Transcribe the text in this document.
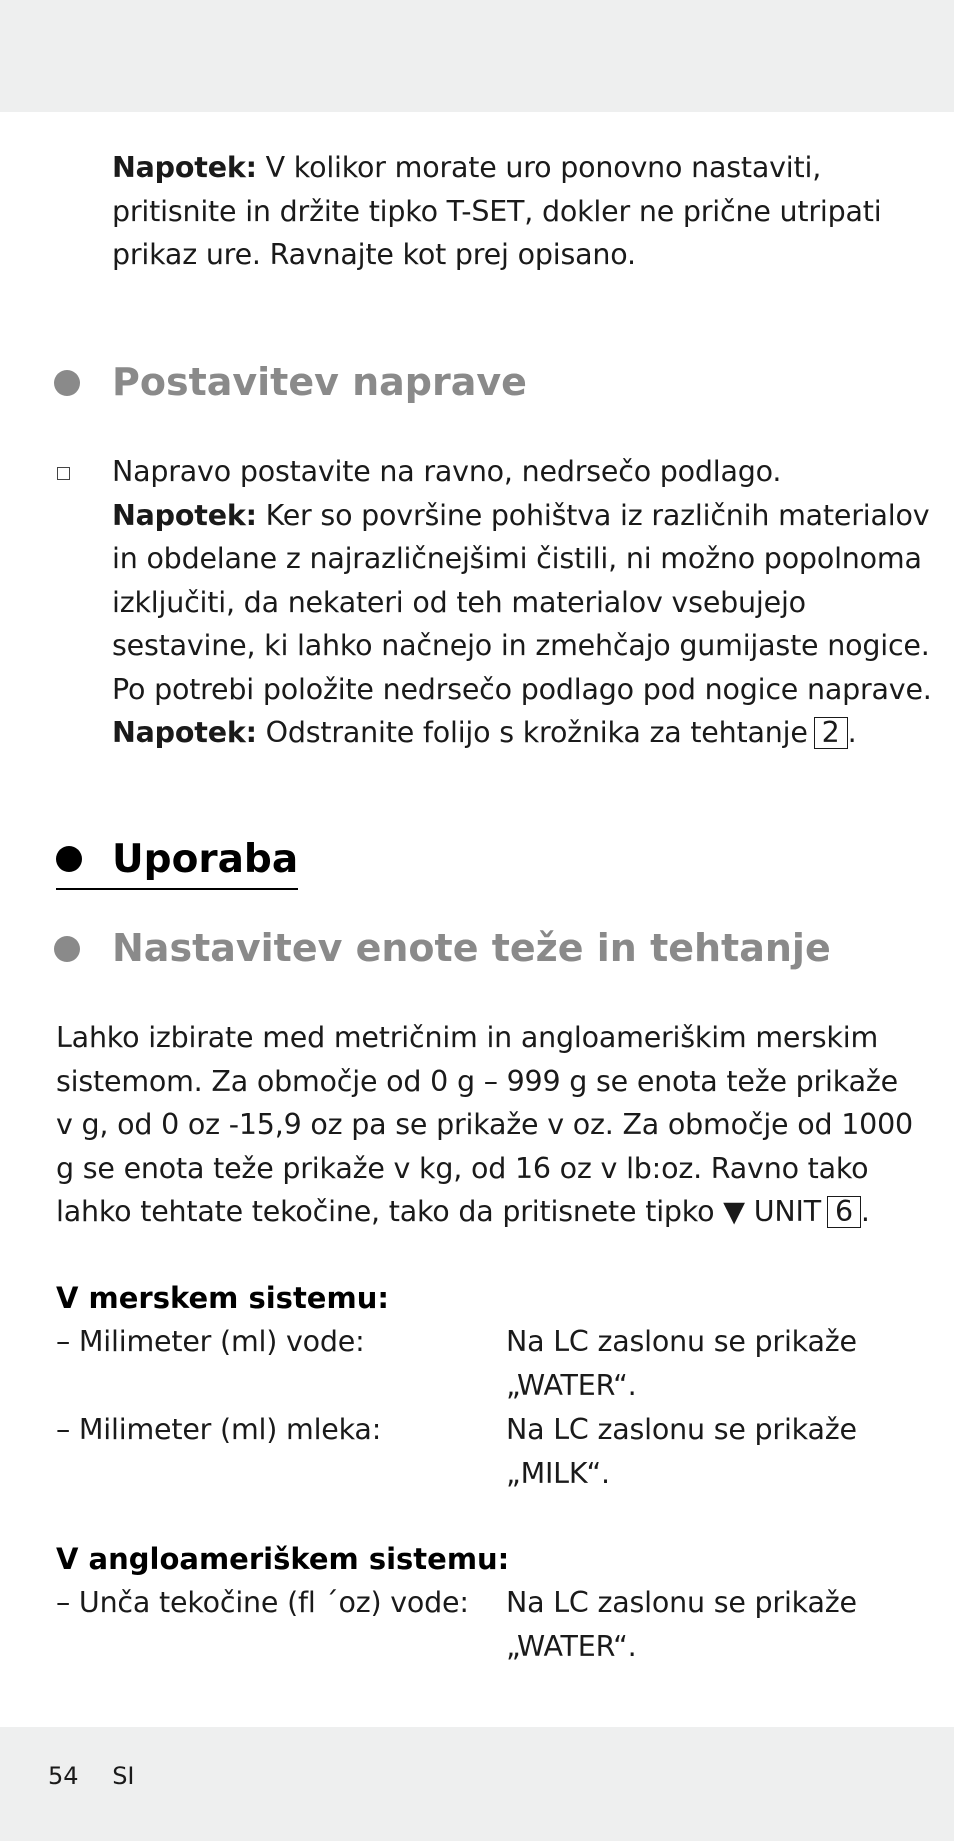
Napotek: V kolikor morate uro ponovno nastaviti, pritisnite in držite tipko T-SET, dokler ne prične utripati prikaz ure. Ravnajte kot prej opisano.

Postavitev naprave

Napravo postavite na ravno, nedrsečo podlago.

Napotek: Ker so površine pohištva iz različnih materialov in obdelane z najrazličnejšimi čistili, ni možno popolnoma izključiti, da nekateri od teh materialov vsebujejo sestavine, ki lahko načnejo in zmehčajo gumijaste nogice. Po potrebi položite nedrsečo podlago pod nogice naprave.

Napotek: Odstranite folijo s krožnika za tehtanje 2 .

Uporaba
Nastavitev enote teže in tehtanje

Lahko izbirate med metričnim in angloameriškim merskim sistemom. Za območje od 0 g – 999 g se enota teže prikaže v g, od 0 oz -15,9 oz pa se prikaže v oz. Za območje od 1000 g se enota teže prikaže v kg, od 16 oz v lb:oz. Ravno tako lahko tehtate tekočine, tako da pritisnete tipko ▼ UNIT 6 .

V merskem sistemu:
– Milimeter (ml) vode:	Na LC zaslonu se prikaže
„WATER“.
– Milimeter (ml) mleka:	Na LC zaslonu se prikaže
„MILK“.
V angloameriškem sistemu:
– Unča tekočine (fl ´oz) vode: Na LC zaslonu se prikaže
„WATER“.
54 SI
